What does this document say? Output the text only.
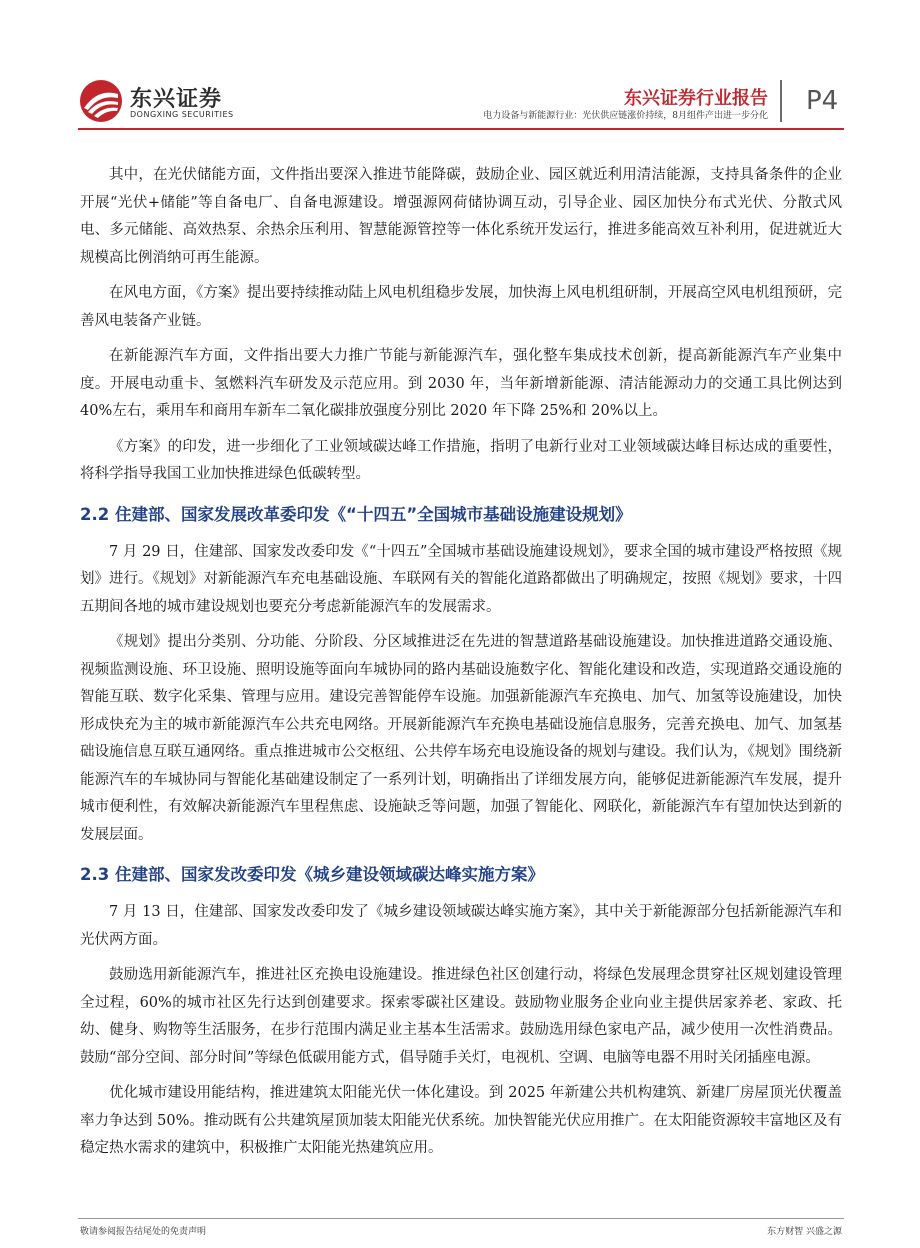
东兴证券
DONGXING SECURITIES
东兴证券行业报告
电力设备与新能源行业：光伏供应链涨价持续，8月组件产出进一步分化 P4

其中，在光伏储能方面，文件指出要深入推进节能降碳，鼓励企业、园区就近利用清洁能源，支持具备条件的企业开展“光伏+储能”等自备电厂、自备电源建设。增强源网荷储协调互动，引导企业、园区加快分布式光伏、分散式风电、多元储能、高效热泵、余热余压利用、智慧能源管控等一体化系统开发运行，推进多能高效互补利用，促进就近大规模高比例消纳可再生能源。

在风电方面，《方案》提出要持续推动陆上风电机组稳步发展，加快海上风电机组研制，开展高空风电机组预研，完善风电装备产业链。

在新能源汽车方面，文件指出要大力推广节能与新能源汽车，强化整车集成技术创新，提高新能源汽车产业集中度。开展电动重卡、氢燃料汽车研发及示范应用。到 2030 年，当年新增新能源、清洁能源动力的交通工具比例达到 40%左右，乘用车和商用车新车二氧化碳排放强度分别比 2020 年下降 25%和 20%以上。

《方案》的印发，进一步细化了工业领域碳达峰工作措施，指明了电新行业对工业领域碳达峰目标达成的重要性，将科学指导我国工业加快推进绿色低碳转型。

2.2 住建部、国家发展改革委印发《“十四五”全国城市基础设施建设规划》

7 月 29 日，住建部、国家发改委印发《“十四五”全国城市基础设施建设规划》，要求全国的城市建设严格按照《规划》进行。《规划》对新能源汽车充电基础设施、车联网有关的智能化道路都做出了明确规定，按照《规划》要求，十四五期间各地的城市建设规划也要充分考虑新能源汽车的发展需求。

《规划》提出分类别、分功能、分阶段、分区域推进泛在先进的智慧道路基础设施建设。加快推进道路交通设施、视频监测设施、环卫设施、照明设施等面向车城协同的路内基础设施数字化、智能化建设和改造，实现道路交通设施的智能互联、数字化采集、管理与应用。建设完善智能停车设施。加强新能源汽车充换电、加气、加氢等设施建设，加快形成快充为主的城市新能源汽车公共充电网络。开展新能源汽车充换电基础设施信息服务，完善充换电、加气、加氢基础设施信息互联互通网络。重点推进城市公交枢纽、公共停车场充电设施设备的规划与建设。我们认为，《规划》围绕新能源汽车的车城协同与智能化基础建设制定了一系列计划，明确指出了详细发展方向，能够促进新能源汽车发展，提升城市便利性，有效解决新能源汽车里程焦虑、设施缺乏等问题，加强了智能化、网联化，新能源汽车有望加快达到新的发展层面。

2.3 住建部、国家发改委印发《城乡建设领域碳达峰实施方案》

7 月 13 日，住建部、国家发改委印发了《城乡建设领域碳达峰实施方案》，其中关于新能源部分包括新能源汽车和光伏两方面。

鼓励选用新能源汽车，推进社区充换电设施建设。推进绿色社区创建行动，将绿色发展理念贯穿社区规划建设管理全过程，60%的城市社区先行达到创建要求。探索零碳社区建设。鼓励物业服务企业向业主提供居家养老、家政、托幼、健身、购物等生活服务，在步行范围内满足业主基本生活需求。鼓励选用绿色家电产品，减少使用一次性消费品。鼓励“部分空间、部分时间”等绿色低碳用能方式，倡导随手关灯，电视机、空调、电脑等电器不用时关闭插座电源。

优化城市建设用能结构，推进建筑太阳能光伏一体化建设。到 2025 年新建公共机构建筑、新建厂房屋顶光伏覆盖率力争达到 50%。推动既有公共建筑屋顶加装太阳能光伏系统。加快智能光伏应用推广。在太阳能资源较丰富地区及有稳定热水需求的建筑中，积极推广太阳能光热建筑应用。

敬请参阅报告结尾处的免责声明	东方财智 兴盛之源
